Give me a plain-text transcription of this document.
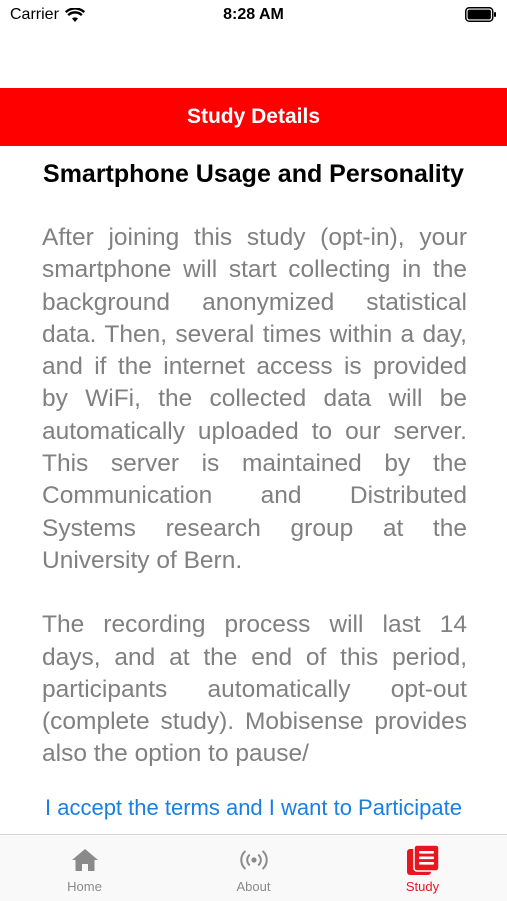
Carrier	8:28 AM
Study Details
Smartphone Usage and Personality

After joining this study (opt-in), your smartphone will start collecting in the background anonymized statistical data. Then, several times within a day, and if the internet access is provided by WiFi, the collected data will be automatically uploaded to our server. This server is maintained by the Communication and Distributed Systems research group at the University of Bern.

The recording process will last 14 days, and at the end of this period, participants automatically opt-out (complete study). Mobisense provides also the option to pause/

I accept the terms and I want to Participate
Home	About	Study
